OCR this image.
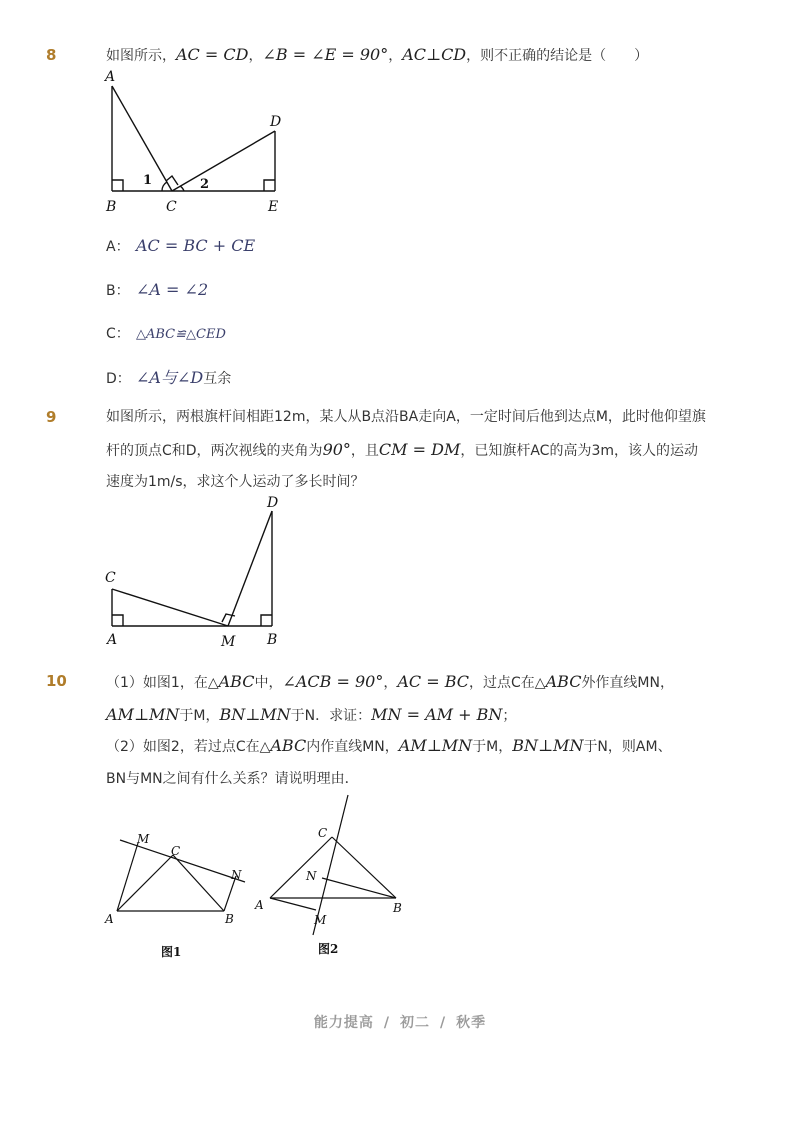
8	如图所示，AC = CD，∠B = ∠E = 90°，AC⊥CD，则不正确的结论是（　　）
A
D
1	2
B	C	E
A： AC = BC + CE
B： ∠A = ∠2
C： △ABC≌△CED
D： ∠A与∠D互余
9	如图所示，两根旗杆间相距12m，某人从B点沿BA走向A，一定时间后他到达点M，此时他仰望旗
杆的顶点C和D，两次视线的夹角为90°，且CM = DM，已知旗杆AC的高为3m，该人的运动
速度为1m/s，求这个人运动了多长时间？
D
C
A	M B
10	（1）如图1，在△ABC中，∠ACB = 90°，AC = BC，过点C在△ABC外作直线MN，
AM⊥MN于M，BN⊥MN于N．求证：MN = AM + BN；
（2）如图2，若过点C在△ABC内作直线MN，AM⊥MN于M，BN⊥MN于N，则AM、
BN与MN之间有什么关系？请说明理由．
M
C
N
A	B
图1
C
N
A	B
M
图2
能力提高 / 初二 / 秋季
